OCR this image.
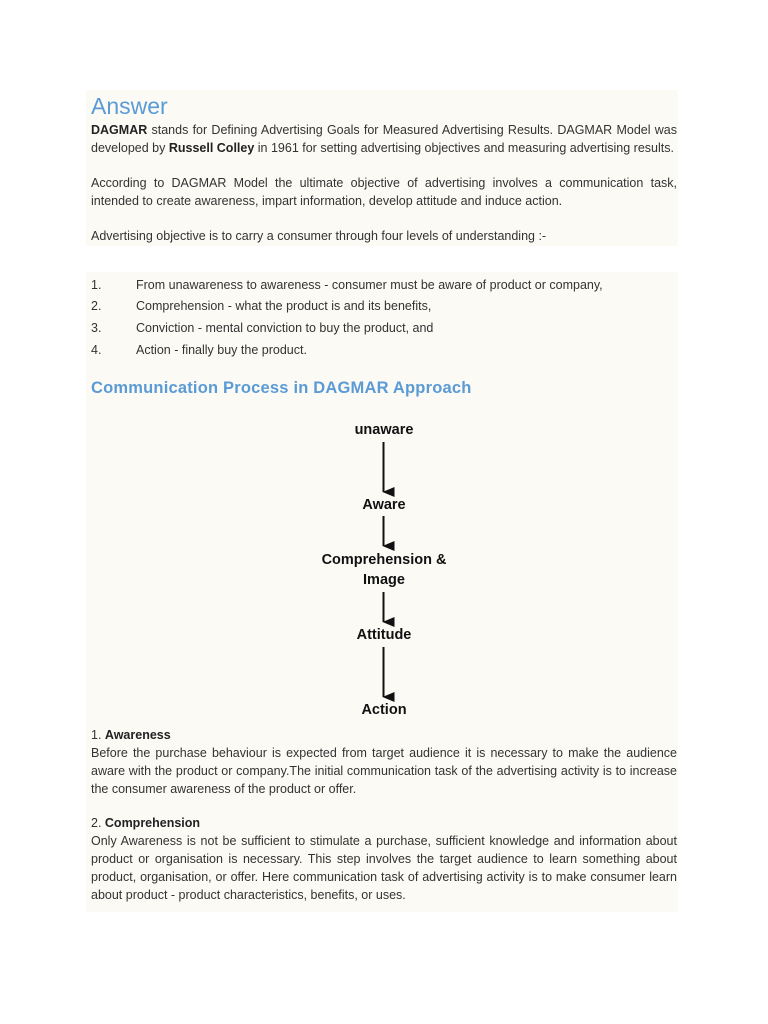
Answer

DAGMAR stands for Defining Advertising Goals for Measured Advertising Results. DAGMAR Model was developed by Russell Colley in 1961 for setting advertising objectives and measuring advertising results.

According to DAGMAR Model the ultimate objective of advertising involves a communication task, intended to create awareness, impart information, develop attitude and induce action.

Advertising objective is to carry a consumer through four levels of understanding :-

1.	From unawareness to awareness - consumer must be aware of product or company,
2.	Comprehension - what the product is and its benefits,
3.	Conviction - mental conviction to buy the product, and
4.	Action - finally buy the product.
Communication Process in DAGMAR Approach
unaware
Aware
Comprehension &
Image
Attitude
Action
1. Awareness

Before the purchase behaviour is expected from target audience it is necessary to make the audience aware with the product or company.The initial communication task of the advertising activity is to increase the consumer awareness of the product or offer.

2. Comprehension

Only Awareness is not be sufficient to stimulate a purchase, sufficient knowledge and information about product or organisation is necessary. This step involves the target audience to learn something about product, organisation, or offer. Here communication task of advertising activity is to make consumer learn about product - product characteristics, benefits, or uses.
